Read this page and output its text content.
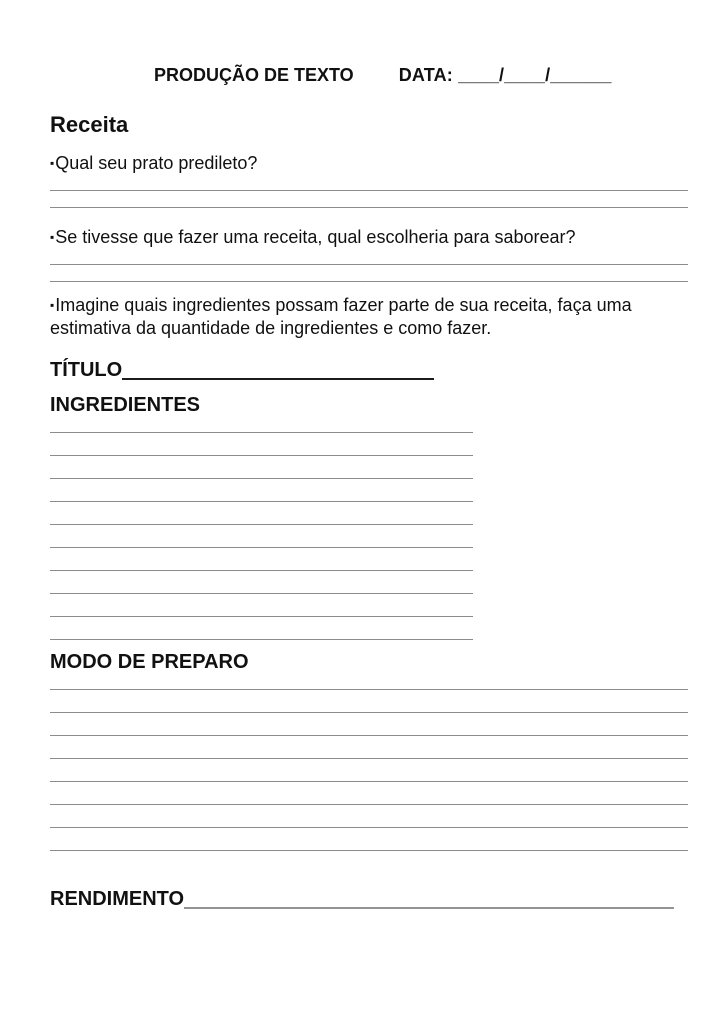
PRODUÇÃO DE TEXTO	DATA: ____/____/______
Receita

▪Qual seu prato predileto?

▪Se tivesse que fazer uma receita, qual escolheria para saborear?

▪Imagine quais ingredientes possam fazer parte de sua receita, faça uma estimativa da quantidade de ingredientes e como fazer.

TÍTULO
INGREDIENTES
MODO DE PREPARO
RENDIMENTO
